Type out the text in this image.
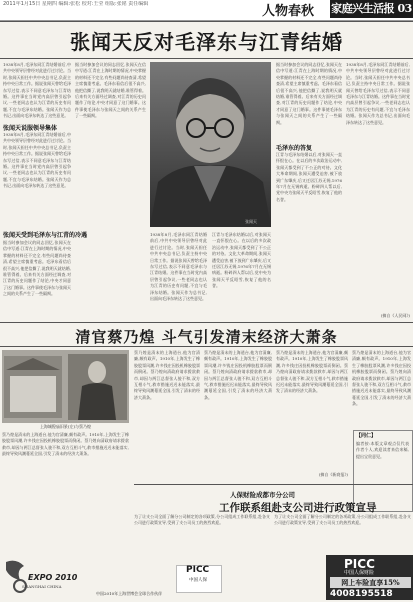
2011年1月15日 星期四 编辑:张松 校对:王莹 组版:张铭 责任编辑	人物春秋 家庭兴生活报 03
张闻天反对毛泽东与江青结婚
1938年8月,毛泽东同江青结婚前后,中共中央领导层曾经对此进行过讨论。当时,张闻天担任中共中央总书记,负责主持中央日常工作。据说张闻天曾给毛泽东写过信,表示不同意毛泽东与江青结婚。这件事在当时党内高层曾引起争议,一些老同志也认为江青的历史有问题,不宜与毛泽东结婚。张闻天作为总书记,出面向毛泽东转达了这些意见。
张闻天说服领导集体
1938年8月,毛泽东同江青结婚前后,中共中央领导层曾经对此进行过讨论。当时,张闻天担任中共中央总书记,负责主持中央日常工作。据说张闻天曾给毛泽东写过信,表示不同意毛泽东与江青结婚。这件事在当时党内高层曾引起争议,一些老同志也认为江青的历史有问题,不宜与毛泽东结婚。张闻天作为总书记,出面向毛泽东转达了这些意见。
张闻天受到毛泽东与江青的冷遇
据当时参加会议的同志回忆,张闻天在信中写道:江青在上海时期的情况,中央掌握的材料还不完全,有些问题尚待查清,希望主席慎重考虑。毛泽东看信后很不高兴,他把信撕了,说我明天就结婚,谁管得着。后来有关方面经过调查,对江青的历史问题作了结论,中央才同意了这门婚事。这件事使毛泽东与张闻天之间的关系产生了一些隔阂。
据当时参加会议的同志回忆,张闻天在信中写道:江青在上海时期的情况,中央掌握的材料还不完全,有些问题尚待查清,希望主席慎重考虑。毛泽东看信后很不高兴,他把信撕了,说我明天就结婚,谁管得着。后来有关方面经过调查,对江青的历史问题作了结论,中央才同意了这门婚事。这件事使毛泽东与张闻天之间的关系产生了一些隔阂。
张闻天
1938年8月,毛泽东同江青结婚前后,中共中央领导层曾经对此进行过讨论。当时,张闻天担任中共中央总书记,负责主持中央日常工作。据说张闻天曾给毛泽东写过信,表示不同意毛泽东与江青结婚。这件事在当时党内高层曾引起争议,一些老同志也认为江青的历史有问题,不宜与毛泽东结婚。张闻天作为总书记,出面向毛泽东转达了这些意见。
江青与毛泽东结婚以后,对张闻天一直怀恨在心。在以后的多次政治运动中,张闻天都受到了不公正的对待。文化大革命期间,张闻天遭受迫害,被下放到广东肇庆,后又迁居江苏无锡,1976年7月在无锡病逝。粉碎四人帮以后,党中央为张闻天平反昭雪,恢复了他的名誉。
据当时参加会议的同志回忆,张闻天在信中写道:江青在上海时期的情况,中央掌握的材料还不完全,有些问题尚待查清,希望主席慎重考虑。毛泽东看信后很不高兴,他把信撕了,说我明天就结婚,谁管得着。后来有关方面经过调查,对江青的历史问题作了结论,中央才同意了这门婚事。这件事使毛泽东与张闻天之间的关系产生了一些隔阂。
毛泽东的答复
江青与毛泽东结婚以后,对张闻天一直怀恨在心。在以后的多次政治运动中,张闻天都受到了不公正的对待。文化大革命期间,张闻天遭受迫害,被下放到广东肇庆,后又迁居江苏无锡,1976年7月在无锡病逝。粉碎四人帮以后,党中央为张闻天平反昭雪,恢复了他的名誉。
1938年8月,毛泽东同江青结婚前后,中共中央领导层曾经对此进行过讨论。当时,张闻天担任中共中央总书记,负责主持中央日常工作。据说张闻天曾给毛泽东写过信,表示不同意毛泽东与江青结婚。这件事在当时党内高层曾引起争议,一些老同志也认为江青的历史有问题,不宜与毛泽东结婚。张闻天作为总书记,出面向毛泽东转达了这些意见。
(摘自《人民网》)
清官蔡乃煌 斗气引发清末经济大萧条
上海城隍庙旧景(左)与蔡乃煌
蔡乃煌是清末的上海道台,他为官清廉,颇有政声。1910年,上海发生了橡胶股票风潮,许多钱庄因投机橡胶股票而倒闭。蔡乃煌向清政府请求拨款救市,却因与两江总督张人骏不和,双方互相斗气,救市措施迟迟未能落实,最终导致风潮蔓延全国,引发了清末的经济大萧条。
蔡乃煌是清末的上海道台,他为官清廉,颇有政声。1910年,上海发生了橡胶股票风潮,许多钱庄因投机橡胶股票而倒闭。蔡乃煌向清政府请求拨款救市,却因与两江总督张人骏不和,双方互相斗气,救市措施迟迟未能落实,最终导致风潮蔓延全国,引发了清末的经济大萧条。
蔡乃煌是清末的上海道台,他为官清廉,颇有政声。1910年,上海发生了橡胶股票风潮,许多钱庄因投机橡胶股票而倒闭。蔡乃煌向清政府请求拨款救市,却因与两江总督张人骏不和,双方互相斗气,救市措施迟迟未能落实,最终导致风潮蔓延全国,引发了清末的经济大萧条。
蔡乃煌是清末的上海道台,他为官清廉,颇有政声。1910年,上海发生了橡胶股票风潮,许多钱庄因投机橡胶股票而倒闭。蔡乃煌向清政府请求拨款救市,却因与两江总督张人骏不和,双方互相斗气,救市措施迟迟未能落实,最终导致风潮蔓延全国,引发了清末的经济大萧条。
(摘自《新商报》)
蔡乃煌是清末的上海道台,他为官清廉,颇有政声。1910年,上海发生了橡胶股票风潮,许多钱庄因投机橡胶股票而倒闭。蔡乃煌向清政府请求拨款救市,却因与两江总督张人骏不和,双方互相斗气,救市措施迟迟未能落实,最终导致风潮蔓延全国,引发了清末的经济大萧条。
【同仁】
编者按:本版文章观点仅代表作者个人,欢迎读者来信来稿,提出宝贵意见。
人保财险成都市分公司
工作联系组赴支公司进行政策宣导
为了让支公司全面了解分公司制定的各项政策,分公司组成工作联系组,赴各支公司进行政策宣导,受到了支公司员工的热烈欢迎。
为了让支公司全面了解分公司制定的各项政策,分公司组成工作联系组,赴各支公司进行政策宣导,受到了支公司员工的热烈欢迎。
EXPO 2010
SHANGHAI CHINA
PICC
中国人保
中国2010年上海世博会全球合作伙伴
PICC
中国人保财险
网上车险直享15%
4008195518
